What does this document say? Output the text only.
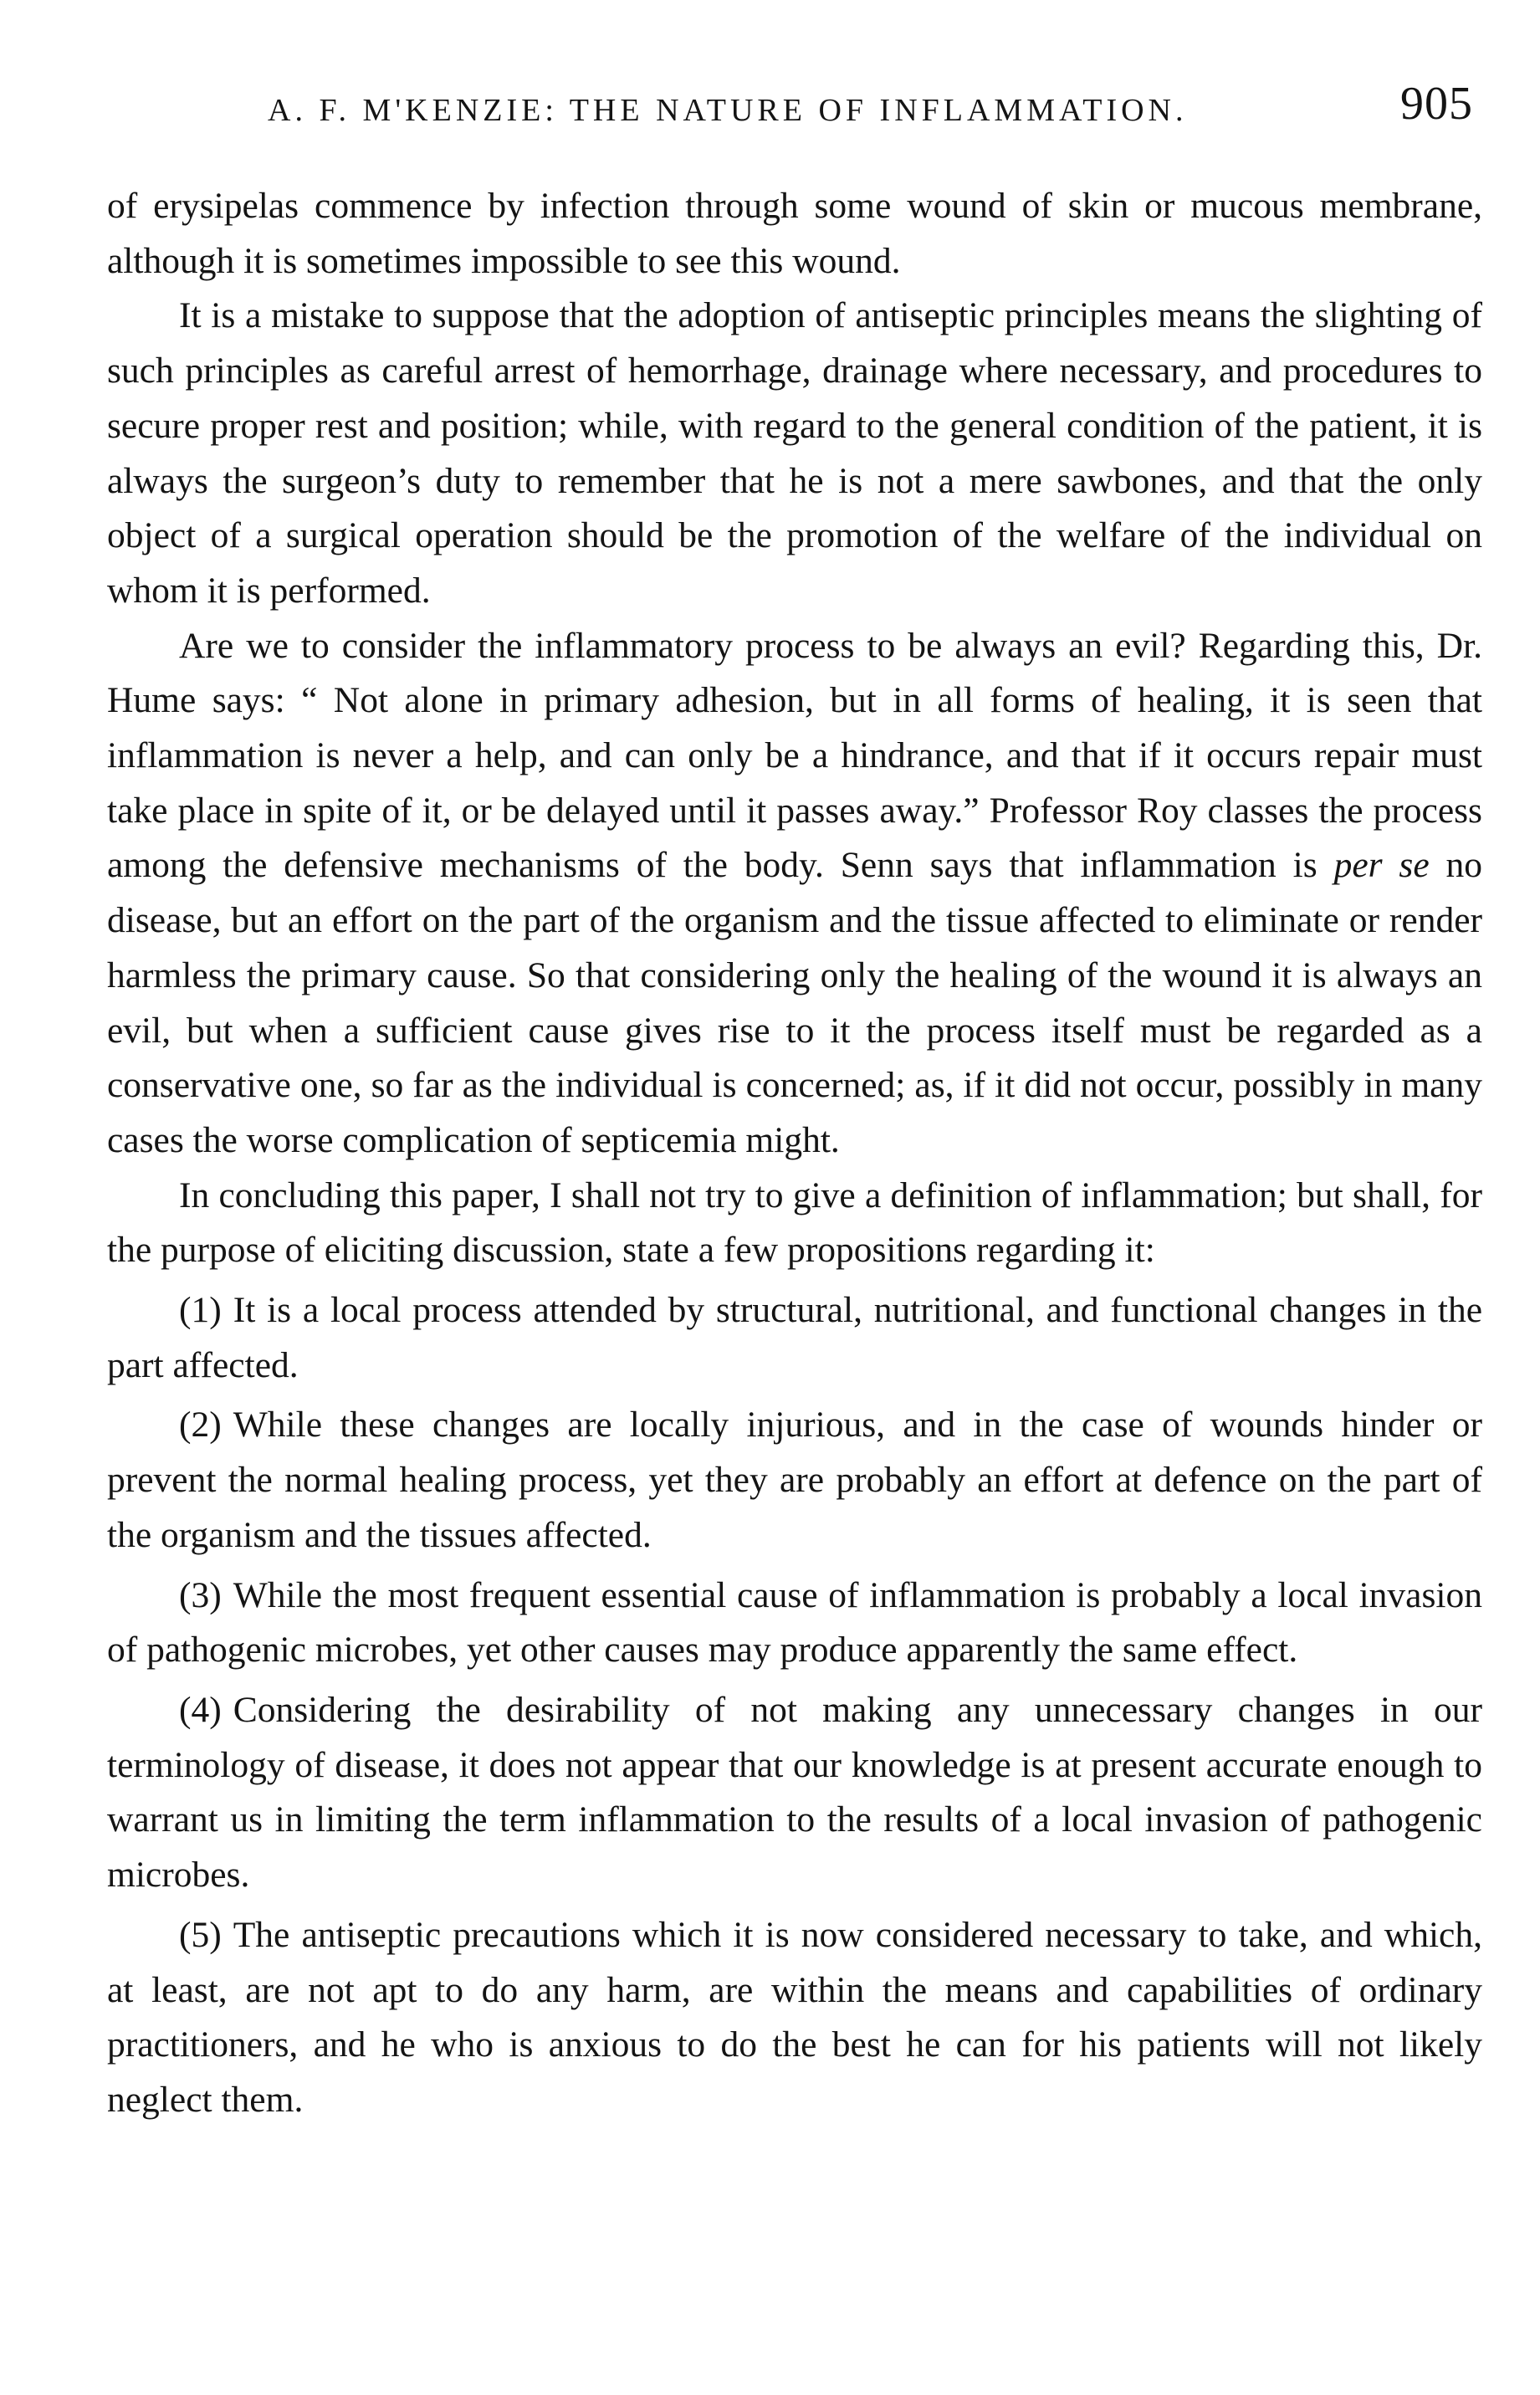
A. F. M'KENZIE: THE NATURE OF INFLAMMATION.	905

of erysipelas commence by infection through some wound of skin or mucous membrane, although it is sometimes impossible to see this wound.

It is a mistake to suppose that the adoption of antiseptic principles means the slighting of such principles as careful arrest of hemorrhage, drainage where necessary, and procedures to secure proper rest and position; while, with regard to the general condition of the patient, it is always the surgeon’s duty to remember that he is not a mere sawbones, and that the only object of a surgical operation should be the promotion of the welfare of the individual on whom it is performed.

Are we to consider the inflammatory process to be always an evil? Regarding this, Dr. Hume says: “ Not alone in primary adhesion, but in all forms of healing, it is seen that inflammation is never a help, and can only be a hindrance, and that if it occurs repair must take place in spite of it, or be delayed until it passes away.” Professor Roy classes the process among the defensive mechanisms of the body. Senn says that inflammation is per se no disease, but an effort on the part of the organism and the tissue affected to eliminate or render harmless the primary cause. So that considering only the healing of the wound it is always an evil, but when a sufficient cause gives rise to it the process itself must be regarded as a conservative one, so far as the individual is concerned; as, if it did not occur, possibly in many cases the worse complication of septicemia might.

In concluding this paper, I shall not try to give a definition of inflammation; but shall, for the purpose of eliciting discussion, state a few propositions regarding it:

(1) It is a local process attended by structural, nutritional, and functional changes in the part affected.

(2) While these changes are locally injurious, and in the case of wounds hinder or prevent the normal healing process, yet they are probably an effort at defence on the part of the organism and the tissues affected.

(3) While the most frequent essential cause of inflammation is probably a local invasion of pathogenic microbes, yet other causes may produce apparently the same effect.

(4) Considering the desirability of not making any unnecessary changes in our terminology of disease, it does not appear that our knowledge is at present accurate enough to warrant us in limiting the term inflammation to the results of a local invasion of pathogenic microbes.

(5) The antiseptic precautions which it is now considered necessary to take, and which, at least, are not apt to do any harm, are within the means and capabilities of ordinary practitioners, and he who is anxious to do the best he can for his patients will not likely neglect them.
